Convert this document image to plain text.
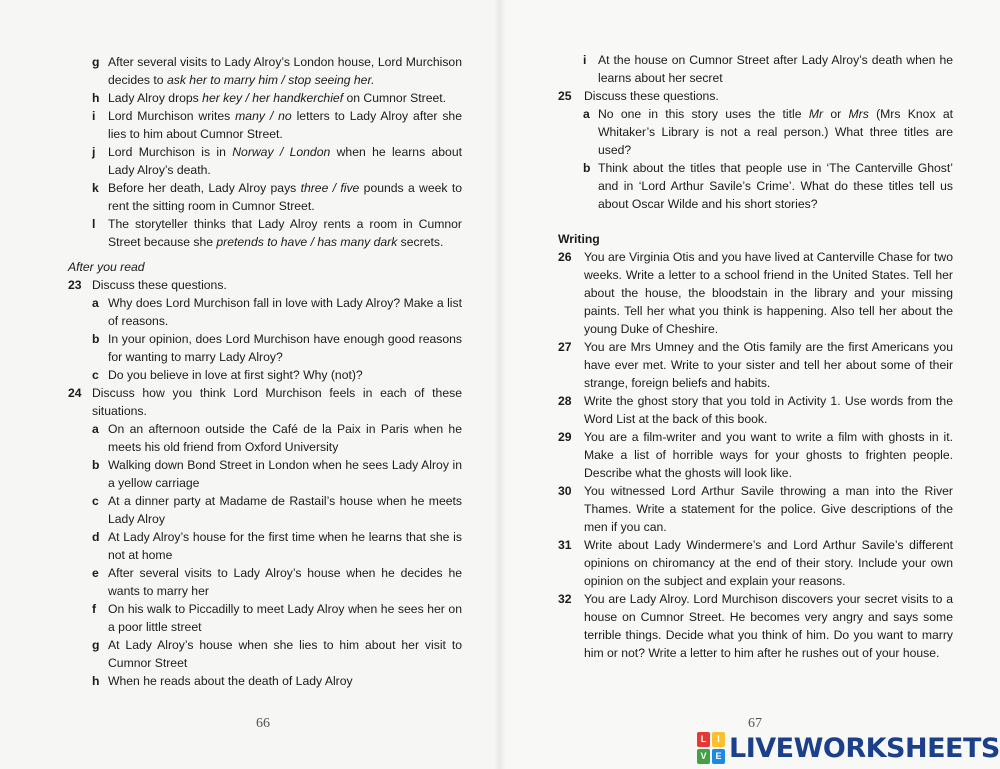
g After several visits to Lady Alroy’s London house, Lord Murchison decides to ask her to marry him / stop seeing her.
h Lady Alroy drops her key / her handkerchief on Cumnor Street.
i Lord Murchison writes many / no letters to Lady Alroy after she lies to him about Cumnor Street.
j Lord Murchison is in Norway / London when he learns about Lady Alroy’s death.
k Before her death, Lady Alroy pays three / five pounds a week to rent the sitting room in Cumnor Street.
l The storyteller thinks that Lady Alroy rents a room in Cumnor Street because she pretends to have / has many dark secrets.
After you read
23 Discuss these questions.
a Why does Lord Murchison fall in love with Lady Alroy? Make a list of reasons.
b In your opinion, does Lord Murchison have enough good reasons for wanting to marry Lady Alroy?
c Do you believe in love at first sight? Why (not)?
24 Discuss how you think Lord Murchison feels in each of these situations.
a On an afternoon outside the Café de la Paix in Paris when he meets his old friend from Oxford University
b Walking down Bond Street in London when he sees Lady Alroy in a yellow carriage
c At a dinner party at Madame de Rastail’s house when he meets Lady Alroy
d At Lady Alroy’s house for the first time when he learns that she is not at home
e After several visits to Lady Alroy’s house when he decides he wants to marry her
f On his walk to Piccadilly to meet Lady Alroy when he sees her on a poor little street
g At Lady Alroy’s house when she lies to him about her visit to Cumnor Street
h When he reads about the death of Lady Alroy
66
i At the house on Cumnor Street after Lady Alroy’s death when he learns about her secret
25 Discuss these questions.
a No one in this story uses the title Mr or Mrs (Mrs Knox at Whitaker’s Library is not a real person.) What three titles are used?
b Think about the titles that people use in ‘The Canterville Ghost’ and in ‘Lord Arthur Savile’s Crime’. What do these titles tell us about Oscar Wilde and his short stories?
Writing
26 You are Virginia Otis and you have lived at Canterville Chase for two weeks. Write a letter to a school friend in the United States. Tell her about the house, the bloodstain in the library and your missing paints. Tell her what you think is happening. Also tell her about the young Duke of Cheshire.
27 You are Mrs Umney and the Otis family are the first Americans you have ever met. Write to your sister and tell her about some of their strange, foreign beliefs and habits.
28 Write the ghost story that you told in Activity 1. Use words from the Word List at the back of this book.
29 You are a film-writer and you want to write a film with ghosts in it. Make a list of horrible ways for your ghosts to frighten people. Describe what the ghosts will look like.
30 You witnessed Lord Arthur Savile throwing a man into the River Thames. Write a statement for the police. Give descriptions of the men if you can.
31 Write about Lady Windermere’s and Lord Arthur Savile’s different opinions on chiromancy at the end of their story. Include your own opinion on the subject and explain your reasons.
32 You are Lady Alroy. Lord Murchison discovers your secret visits to a house on Cumnor Street. He becomes very angry and says some terrible things. Decide what you think of him. Do you want to marry him or not? Write a letter to him after he rushes out of your house.
67
L	I
V E LIVEWORKSHEETS
